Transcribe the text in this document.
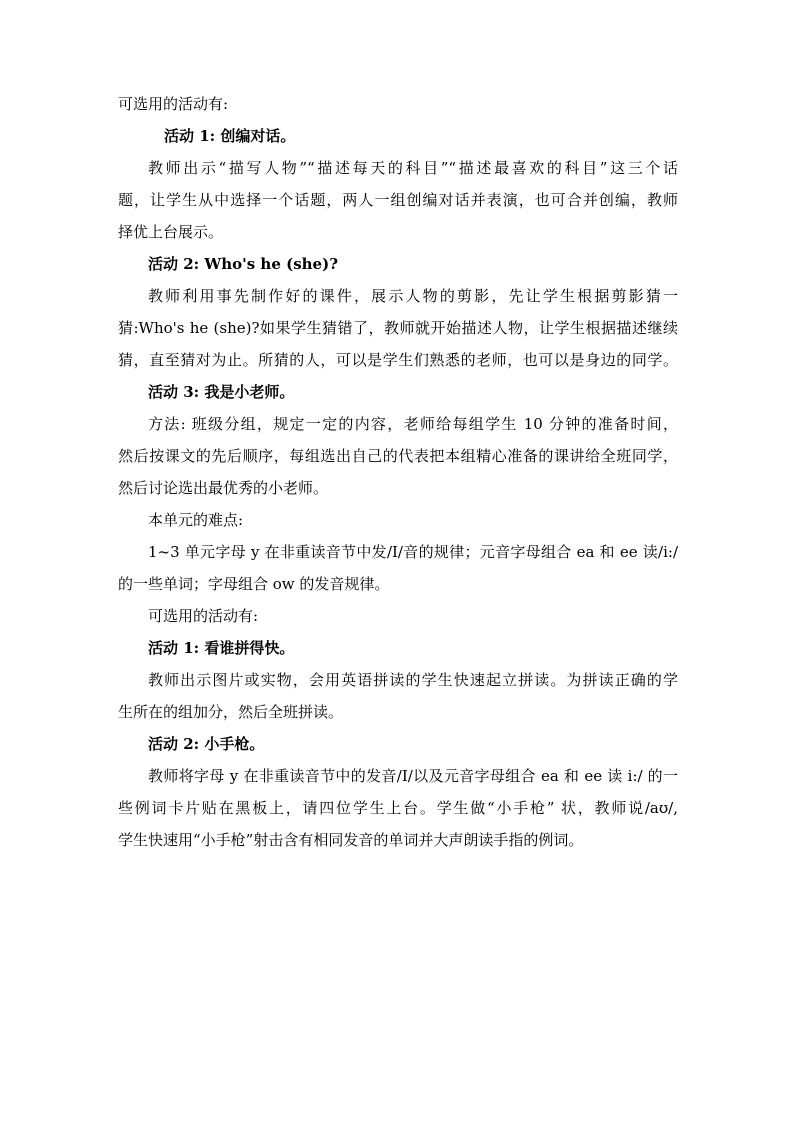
可选用的活动有:

活动 1: 创编对话。

教师出示“描写人物”“描述每天的科目”“描述最喜欢的科目”这三个话

题，让学生从中选择一个话题，两人一组创编对话并表演，也可合并创编，教师

择优上台展示。

活动 2: Who's he (she)?

教师利用事先制作好的课件，展示人物的剪影，先让学生根据剪影猜一

猜:Who's he (she)?如果学生猜错了，教师就开始描述人物，让学生根据描述继续

猜，直至猜对为止。所猜的人，可以是学生们熟悉的老师，也可以是身边的同学。

活动 3: 我是小老师。

方法: 班级分组，规定一定的内容，老师给每组学生 10 分钟的准备时间，

然后按课文的先后顺序，每组选出自己的代表把本组精心准备的课讲给全班同学，

然后讨论选出最优秀的小老师。

本单元的难点:

1~3 单元字母 y 在非重读音节中发/I/音的规律；元音字母组合 ea 和 ee 读/i:/

的一些单词；字母组合 ow 的发音规律。

可选用的活动有:

活动 1: 看谁拼得快。

教师出示图片或实物，会用英语拼读的学生快速起立拼读。为拼读正确的学

生所在的组加分，然后全班拼读。

活动 2: 小手枪。

教师将字母 y 在非重读音节中的发音/I/以及元音字母组合 ea 和 ee 读 i:/ 的一

些例词卡片贴在黑板上，请四位学生上台。学生做“小手枪” 状，教师说/aʊ/,

学生快速用“小手枪”射击含有相同发音的单词并大声朗读手指的例词。
